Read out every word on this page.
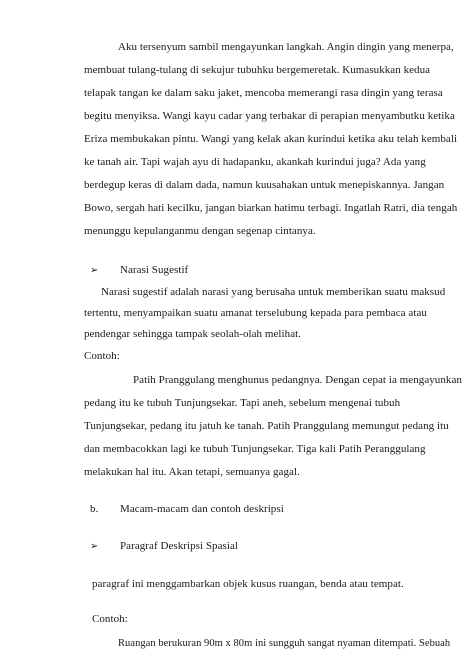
Aku tersenyum sambil mengayunkan langkah. Angin dingin yang menerpa,
membuat tulang-tulang di sekujur tubuhku bergemeretak. Kumasukkan kedua
telapak tangan ke dalam saku jaket, mencoba memerangi rasa dingin yang terasa
begitu menyiksa. Wangi kayu cadar yang terbakar di perapian menyambutku ketika
Eriza membukakan pintu. Wangi yang kelak akan kurindui ketika aku telah kembali
ke tanah air. Tapi wajah ayu di hadapanku, akankah kurindui juga? Ada yang
berdegup keras di dalam dada, namun kuusahakan untuk menepiskannya. Jangan
Bowo, sergah hati kecilku, jangan biarkan hatimu terbagi. Ingatlah Ratri, dia tengah
menunggu kepulanganmu dengan segenap cintanya.
➢ Narasi Sugestif
Narasi sugestif adalah narasi yang berusaha untuk memberikan suatu maksud
tertentu, menyampaikan suatu amanat terselubung kepada para pembaca atau
pendengar sehingga tampak seolah-olah melihat.
Contoh:
Patih Pranggulang menghunus pedangnya. Dengan cepat ia mengayunkan
pedang itu ke tubuh Tunjungsekar. Tapi aneh, sebelum mengenai tubuh
Tunjungsekar, pedang itu jatuh ke tanah. Patih Pranggulang memungut pedang itu
dan membacokkan lagi ke tubuh Tunjungsekar. Tiga kali Patih Peranggulang
melakukan hal itu. Akan tetapi, semuanya gagal.
b. Macam-macam dan contoh deskripsi
➢ Paragraf Deskripsi Spasial
paragraf ini menggambarkan objek kusus ruangan, benda atau tempat.
Contoh:
Ruangan berukuran 90m x 80m ini sungguh sangat nyaman ditempati. Sebuah
